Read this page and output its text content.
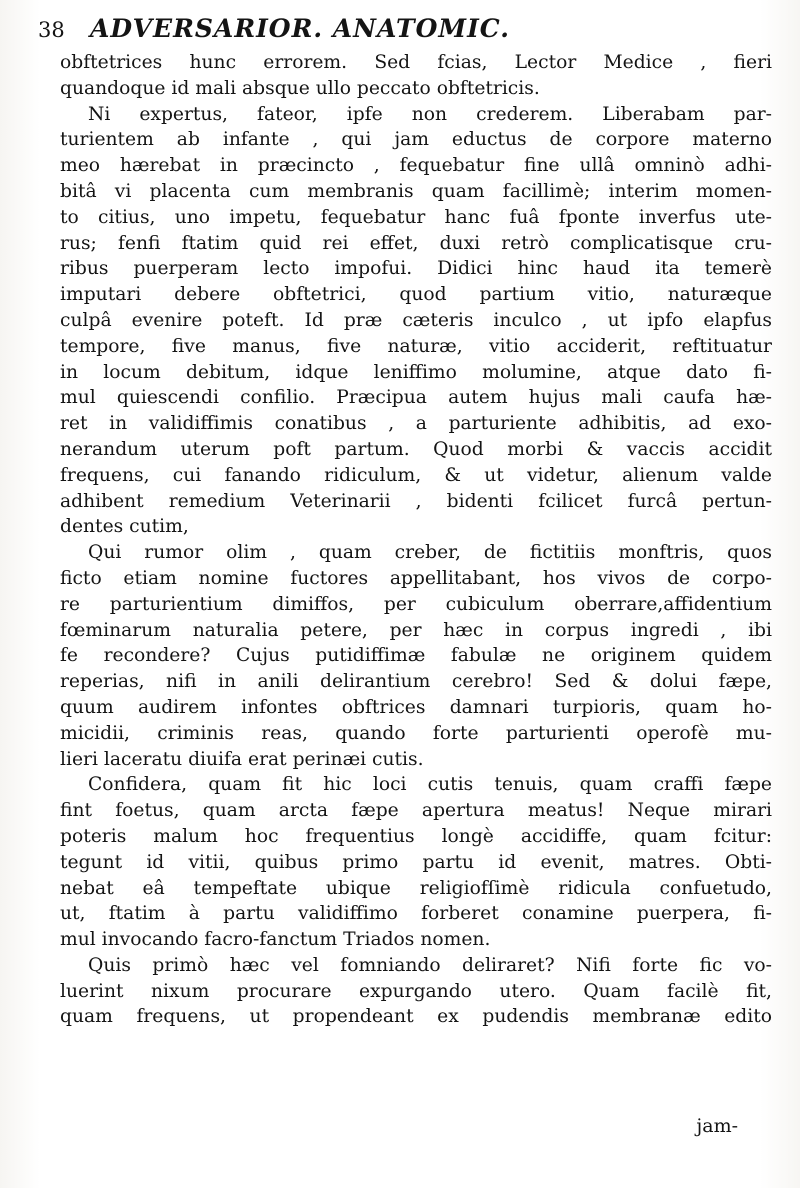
38 ADVERSARIOR. ANATOMIC.
obftetrices hunc errorem. Sed fcias, Lector Medice , fieri
quandoque id mali absque ullo peccato obftetricis.
Ni expertus, fateor, ipfe non crederem. Liberabam par-
turientem ab infante , qui jam eductus de corpore materno
meo hærebat in præcincto , fequebatur fine ullâ omninò adhi-
bitâ vi placenta cum membranis quam facillimè; interim momen-
to citius, uno impetu, fequebatur hanc fuâ fponte inverfus ute-
rus; fenfi ftatim quid rei effet, duxi retrò complicatisque cru-
ribus puerperam lecto impofui. Didici hinc haud ita temerè
imputari debere obftetrici, quod partium vitio, naturæque
culpâ evenire poteft. Id præ cæteris inculco , ut ipfo elapfus
tempore, five manus, five naturæ, vitio acciderit, reftituatur
in locum debitum, idque leniffimo molumine, atque dato fi-
mul quiescendi confilio. Præcipua autem hujus mali caufa hæ-
ret in validiffimis conatibus , a parturiente adhibitis, ad exo-
nerandum uterum poft partum. Quod morbi & vaccis accidit
frequens, cui fanando ridiculum, & ut videtur, alienum valde
adhibent remedium Veterinarii , bidenti fcilicet furcâ pertun-
dentes cutim,
Qui rumor olim , quam creber, de fictitiis monftris, quos
ficto etiam nomine fuctores appellitabant, hos vivos de corpo-
re parturientium dimiffos, per cubiculum oberrare,affidentium
fœminarum naturalia petere, per hæc in corpus ingredi , ibi
fe recondere? Cujus putidiffimæ fabulæ ne originem quidem
reperias, nifi in anili delirantium cerebro! Sed & dolui fæpe,
quum audirem infontes obftrices damnari turpioris, quam ho-
micidii, criminis reas, quando forte parturienti operofè mu-
lieri laceratu diuifa erat perinæi cutis.
Confidera, quam fit hic loci cutis tenuis, quam craffi fæpe
fint foetus, quam arcta fæpe apertura meatus! Neque mirari
poteris malum hoc frequentius longè accidiffe, quam fcitur:
tegunt id vitii, quibus primo partu id evenit, matres. Obti-
nebat eâ tempeftate ubique religiofſimè ridicula confuetudo,
ut, ftatim à partu validiffimo forberet conamine puerpera, fi-
mul invocando facro-fanctum Triados nomen.
Quis primò hæc vel fomniando deliraret? Nifi forte fic vo-
luerint nixum procurare expurgando utero. Quam facilè fit,
quam frequens, ut propendeant ex pudendis membranæ edito
jam-
